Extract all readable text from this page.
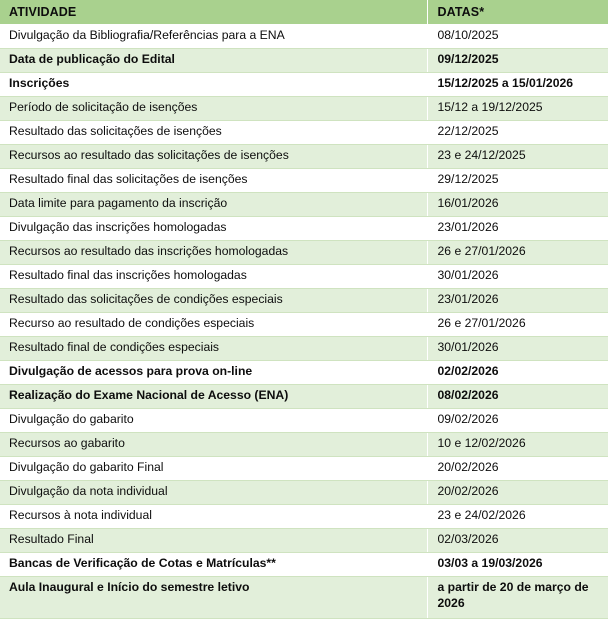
ATIVIDADE	DATAS*
Divulgação da Bibliografia/Referências para a ENA	08/10/2025
Data de publicação do Edital	09/12/2025
Inscrições	15/12/2025 a 15/01/2026
Período de solicitação de isenções	15/12 a 19/12/2025
Resultado das solicitações de isenções	22/12/2025
Recursos ao resultado das solicitações de isenções	23 e 24/12/2025
Resultado final das solicitações de isenções	29/12/2025
Data limite para pagamento da inscrição	16/01/2026
Divulgação das inscrições homologadas	23/01/2026
Recursos ao resultado das inscrições homologadas	26 e 27/01/2026
Resultado final das inscrições homologadas	30/01/2026
Resultado das solicitações de condições especiais	23/01/2026
Recurso ao resultado de condições especiais	26 e 27/01/2026
Resultado final de condições especiais	30/01/2026
Divulgação de acessos para prova on-line	02/02/2026
Realização do Exame Nacional de Acesso (ENA)	08/02/2026
Divulgação do gabarito	09/02/2026
Recursos ao gabarito	10 e 12/02/2026
Divulgação do gabarito Final	20/02/2026
Divulgação da nota individual	20/02/2026
Recursos à nota individual	23 e 24/02/2026
Resultado Final	02/03/2026
Bancas de Verificação de Cotas e Matrículas**	03/03 a 19/03/2026
Aula Inaugural e Início do semestre letivo	a partir de 20 de março de 2026
